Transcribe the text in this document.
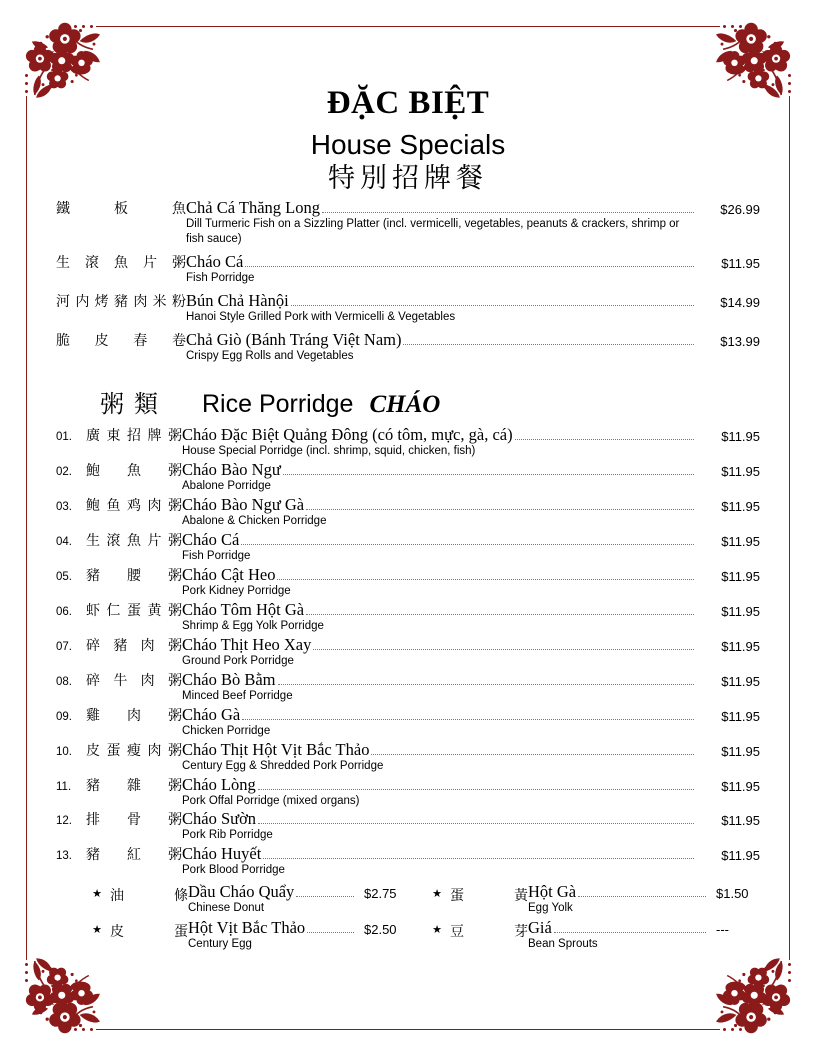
ĐẶC BIỆT
House Specials
特別招牌餐
鐵板魚 Chả Cá Thăng Long
Dill Turmeric Fish on a Sizzling Platter (incl. vermicelli, vegetables, peanuts & crackers, shrimp or fish sauce)
$26.99
生滾魚片粥 Cháo Cá
Fish Porridge
$11.95
河内烤豬肉米粉 Bún Chả Hànội
Hanoi Style Grilled Pork with Vermicelli & Vegetables
$14.99
脆皮春卷 Chả Giò (Bánh Tráng Việt Nam)
Crispy Egg Rolls and Vegetables
$13.99
粥類	Rice Porridge CHÁO
01.	廣東招牌粥 Cháo Đặc Biệt Quảng Đông (có tôm, mực, gà, cá)
House Special Porridge (incl. shrimp, squid, chicken, fish)
$11.95
02.	鮑魚粥 Cháo Bào Ngư
Abalone Porridge
$11.95
03.	鲍鱼鸡肉粥 Cháo Bào Ngư Gà
Abalone & Chicken Porridge
$11.95
04.	生滾魚片粥 Cháo Cá
Fish Porridge
$11.95
05.	豬腰粥 Cháo Cật Heo
Pork Kidney Porridge
$11.95
06.	虾仁蛋黄粥 Cháo Tôm Hột Gà
Shrimp & Egg Yolk Porridge
$11.95
07.	碎豬肉粥 Cháo Thịt Heo Xay
Ground Pork Porridge
$11.95
08.	碎牛肉粥 Cháo Bò Bằm
Minced Beef Porridge
$11.95
09.	雞肉粥 Cháo Gà
Chicken Porridge
$11.95
10.	皮蛋瘦肉粥 Cháo Thịt Hột Vịt Bắc Thảo
Century Egg & Shredded Pork Porridge
$11.95
11.	豬雜粥 Cháo Lòng
Pork Offal Porridge (mixed organs)
$11.95
12.	排骨粥 Cháo Sườn
Pork Rib Porridge
$11.95
13.	豬紅粥 Cháo Huyết
Pork Blood Porridge
$11.95
★ 油條 Dầu Cháo Quẩy
Chinese Donut
$2.75	★ 蛋黃 Hột Gà
Egg Yolk
$1.50
★ 皮蛋 Hột Vịt Bắc Thảo
Century Egg
$2.50	★ 豆芽 Giá
Bean Sprouts
---
